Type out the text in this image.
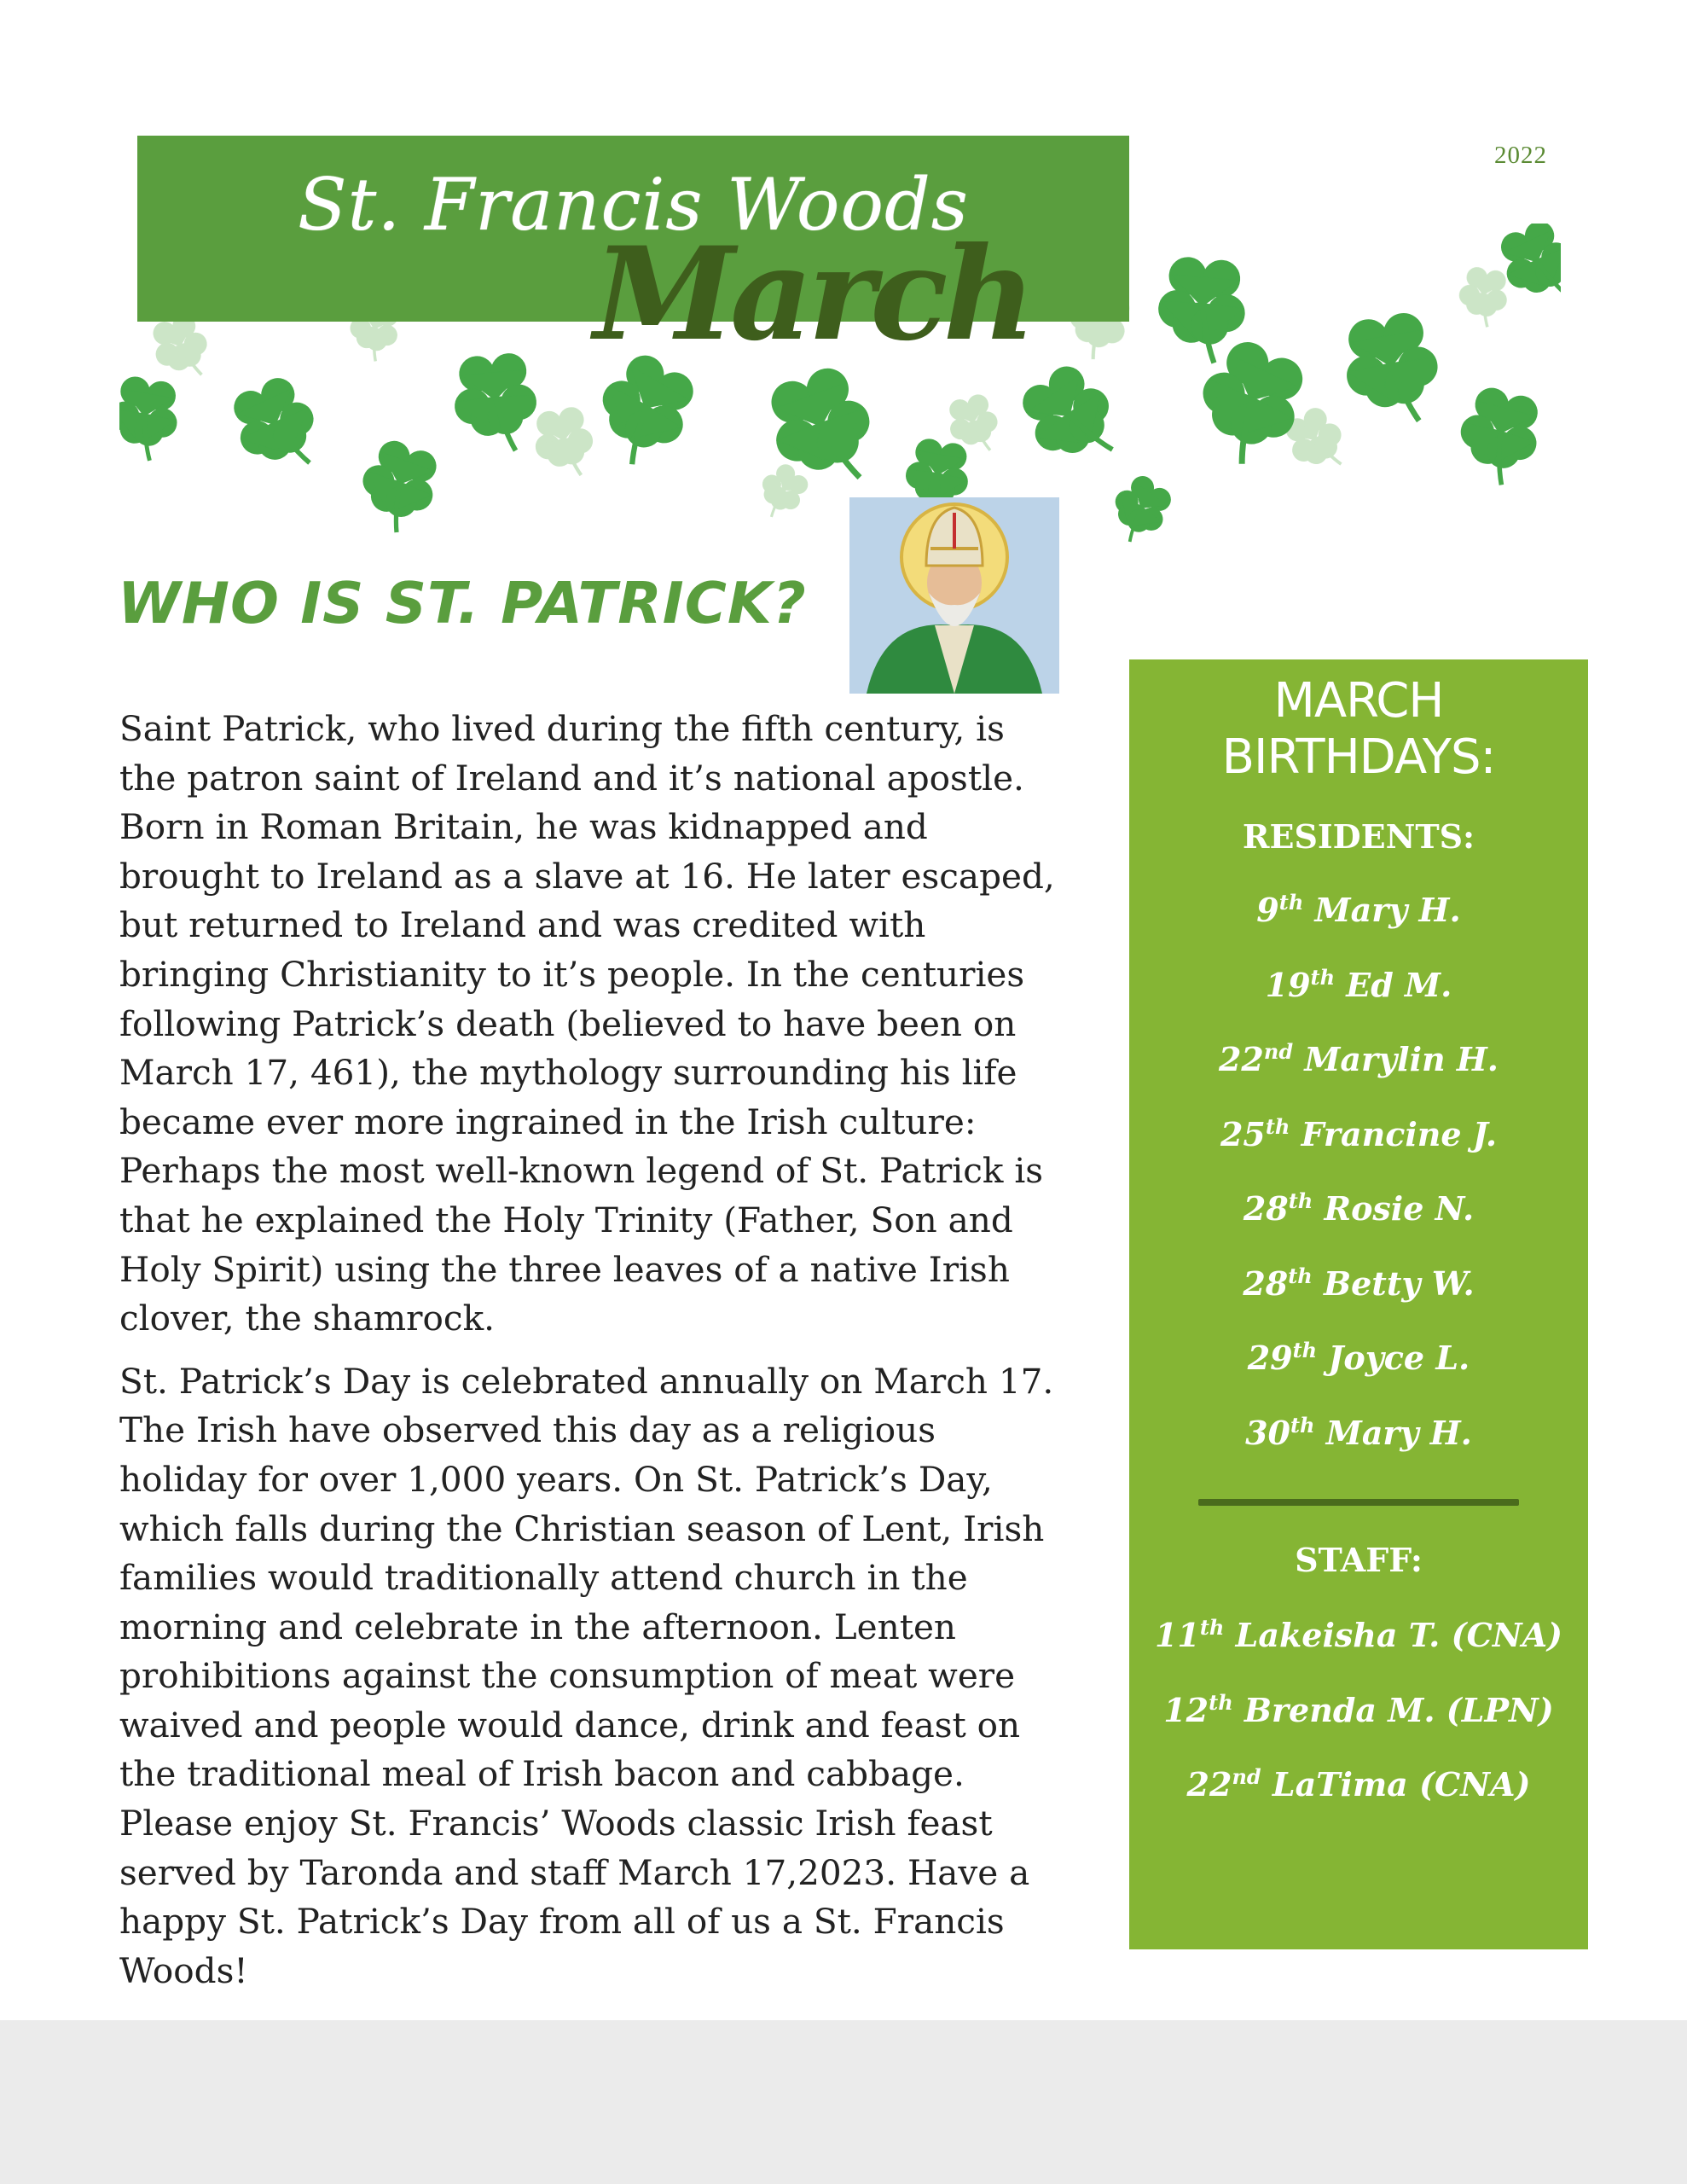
2022
St. Francis Woods
March
WHO IS ST. PATRICK?

Saint Patrick, who lived during the fifth century, is the patron saint of Ireland and it’s national apostle. Born in Roman Britain, he was kidnapped and brought to Ireland as a slave at 16. He later escaped, but returned to Ireland and was credited with bringing Christianity to it’s people. In the centuries following Patrick’s death (believed to have been on March 17, 461), the mythology surrounding his life became ever more ingrained in the Irish culture: Perhaps the most well-known legend of St. Patrick is that he explained the Holy Trinity (Father, Son and Holy Spirit) using the three leaves of a native Irish clover, the shamrock.

St. Patrick’s Day is celebrated annually on March 17. The Irish have observed this day as a religious holiday for over 1,000 years. On St. Patrick’s Day, which falls during the Christian season of Lent, Irish families would traditionally attend church in the morning and celebrate in the afternoon. Lenten prohibitions against the consumption of meat were waived and people would dance, drink and feast on the traditional meal of Irish bacon and cabbage. Please enjoy St. Francis’ Woods classic Irish feast served by Taronda and staff March 17,2023. Have a happy St. Patrick’s Day from all of us a St. Francis Woods!

MARCH
BIRTHDAYS:
RESIDENTS:
9th Mary H.
19th Ed M.
22nd Marylin H.
25th Francine J.
28th Rosie N.
28th Betty W.
29th Joyce L.
30th Mary H.
STAFF:
11th Lakeisha T. (CNA)
12th Brenda M. (LPN)
22nd LaTima (CNA)
